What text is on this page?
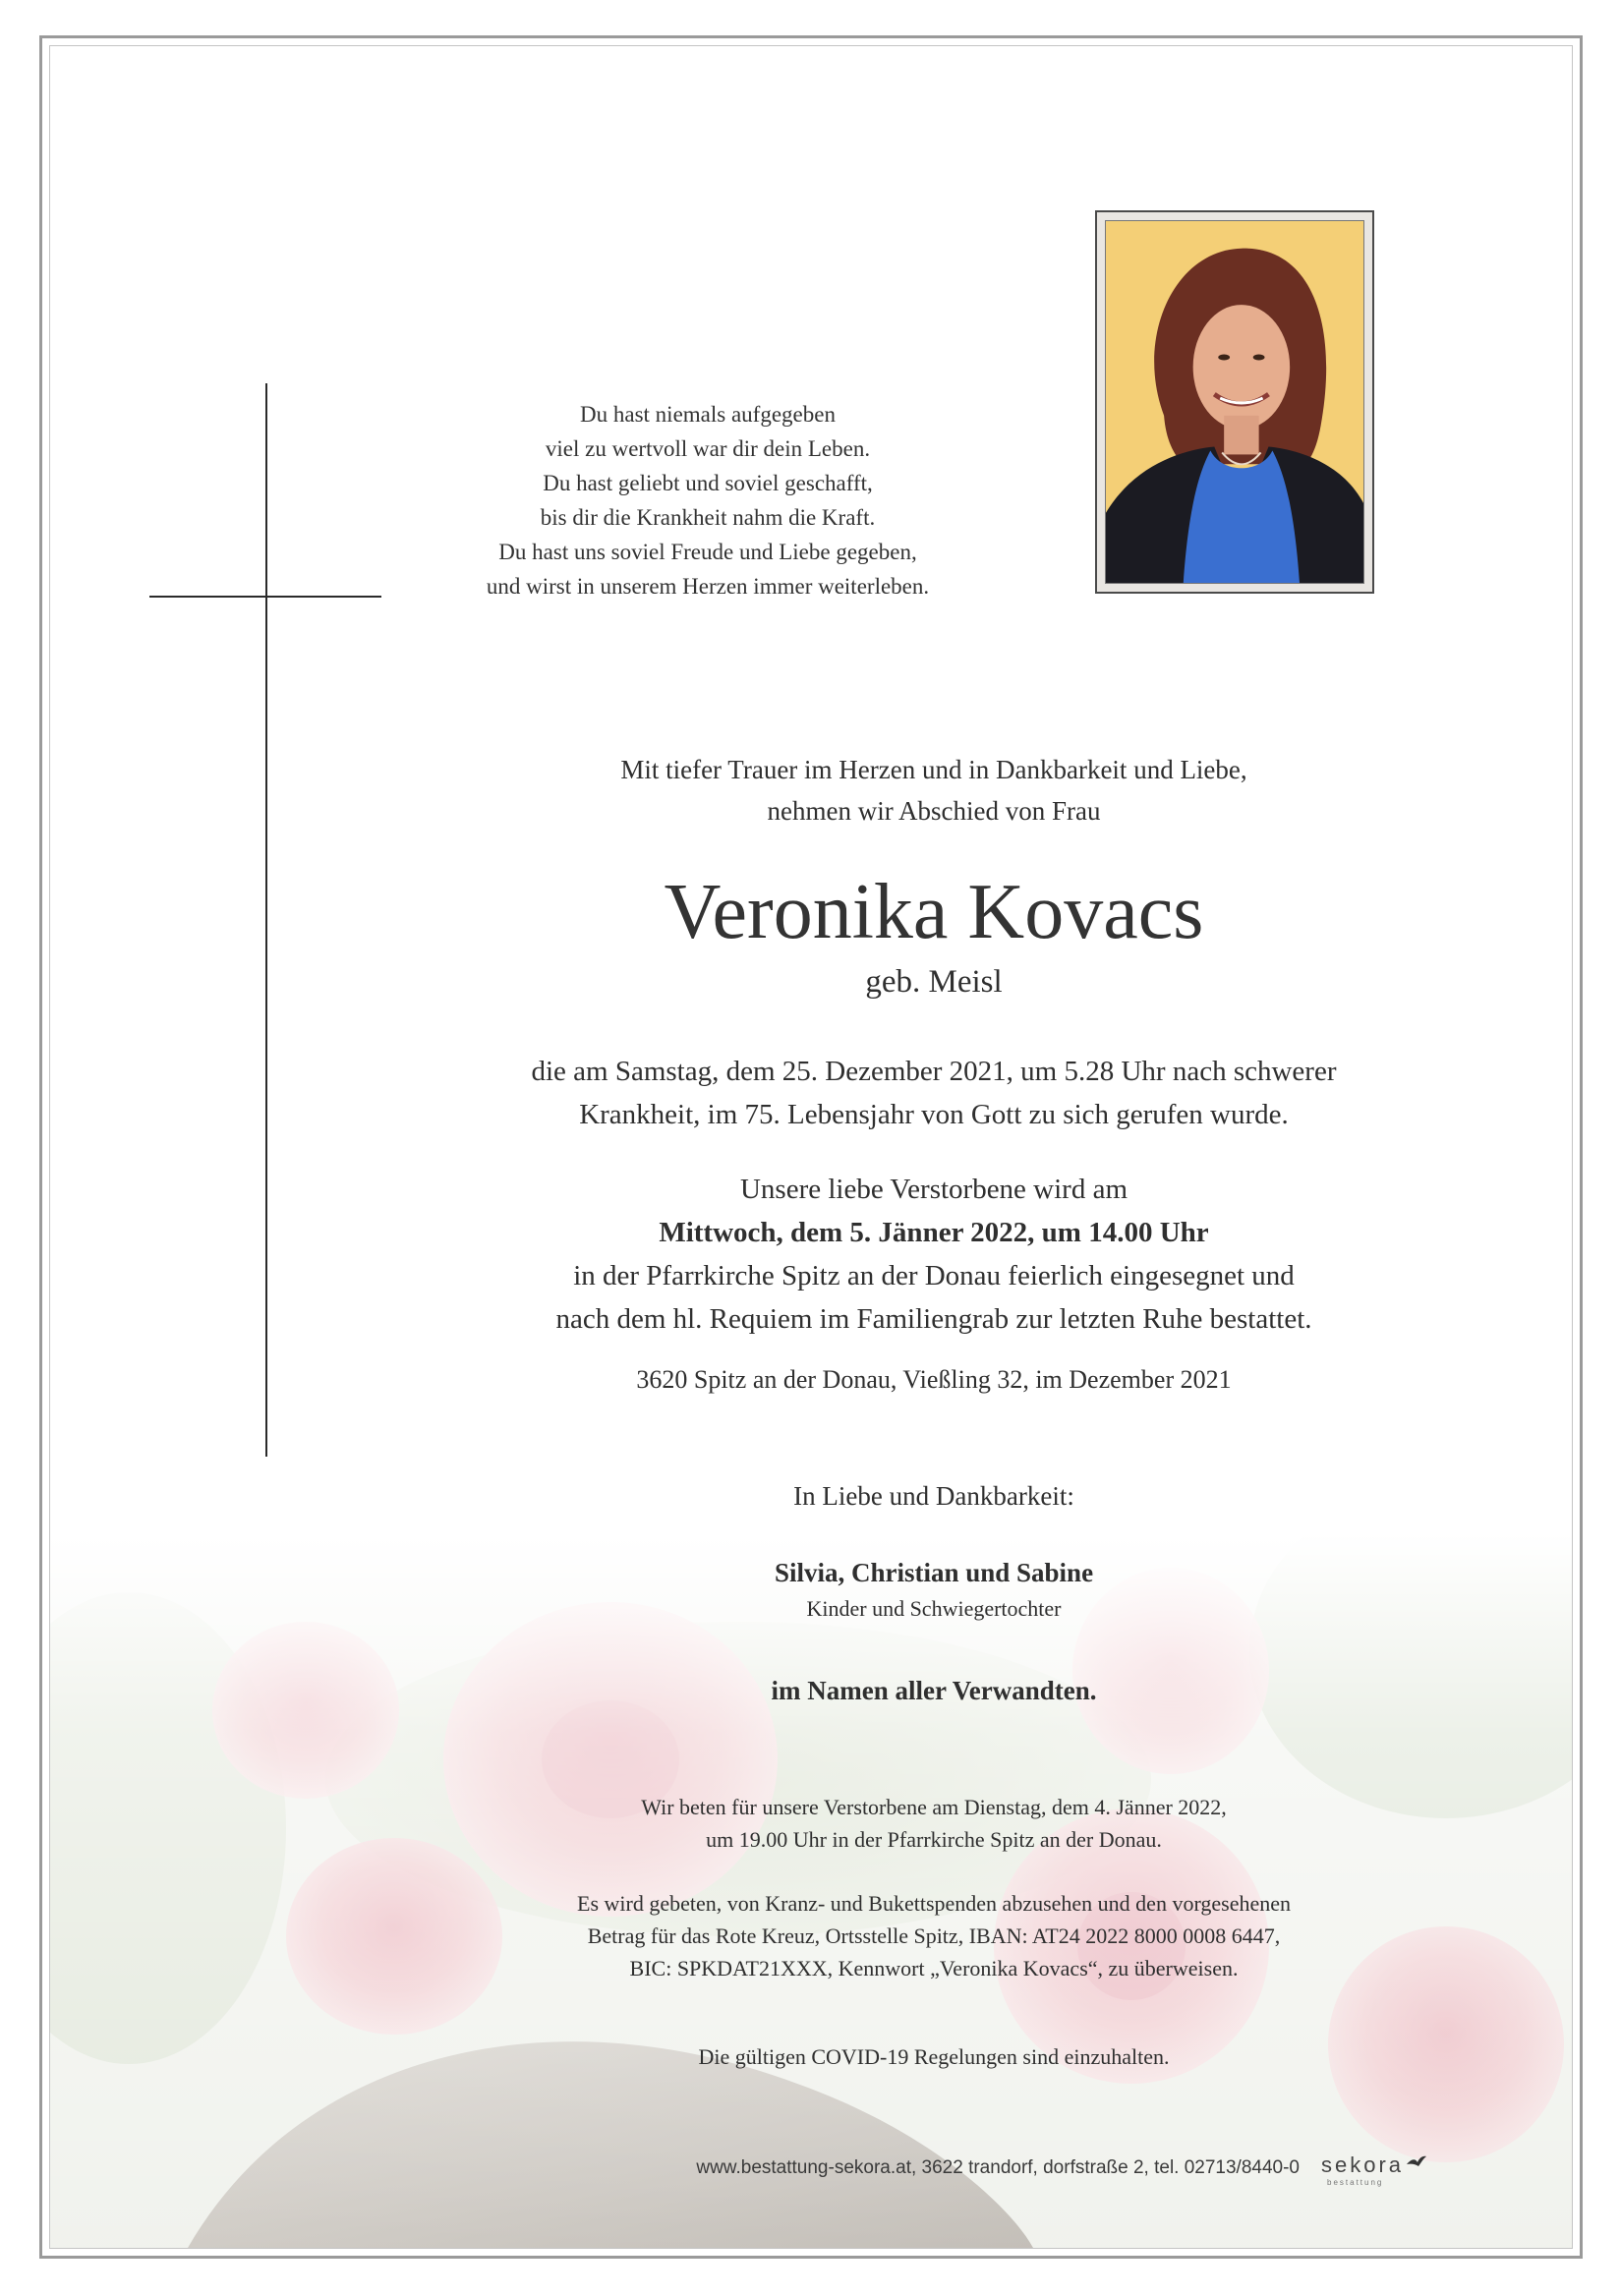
Du hast niemals aufgegeben
viel zu wertvoll war dir dein Leben.
Du hast geliebt und soviel geschafft,
bis dir die Krankheit nahm die Kraft.
Du hast uns soviel Freude und Liebe gegeben,
und wirst in unserem Herzen immer weiterleben.
Mit tiefer Trauer im Herzen und in Dankbarkeit und Liebe,
nehmen wir Abschied von Frau
Veronika Kovacs
geb. Meisl
die am Samstag, dem 25. Dezember 2021, um 5.28 Uhr nach schwerer
Krankheit, im 75. Lebensjahr von Gott zu sich gerufen wurde.
Unsere liebe Verstorbene wird am
Mittwoch, dem 5. Jänner 2022, um 14.00 Uhr
in der Pfarrkirche Spitz an der Donau feierlich eingesegnet und
nach dem hl. Requiem im Familiengrab zur letzten Ruhe bestattet.
3620 Spitz an der Donau, Vießling 32, im Dezember 2021
In Liebe und Dankbarkeit:
Silvia, Christian und Sabine
Kinder und Schwiegertochter
im Namen aller Verwandten.
Wir beten für unsere Verstorbene am Dienstag, dem 4. Jänner 2022,
um 19.00 Uhr in der Pfarrkirche Spitz an der Donau.
Es wird gebeten, von Kranz- und Bukettspenden abzusehen und den vorgesehenen
Betrag für das Rote Kreuz, Ortsstelle Spitz, IBAN: AT24 2022 8000 0008 6447,
BIC: SPKDAT21XXX, Kennwort „Veronika Kovacs“, zu überweisen.
Die gültigen COVID-19 Regelungen sind einzuhalten.
www.bestattung-sekora.at, 3622 trandorf, dorfstraße 2, tel. 02713/8440-0 sekora
bestattung
